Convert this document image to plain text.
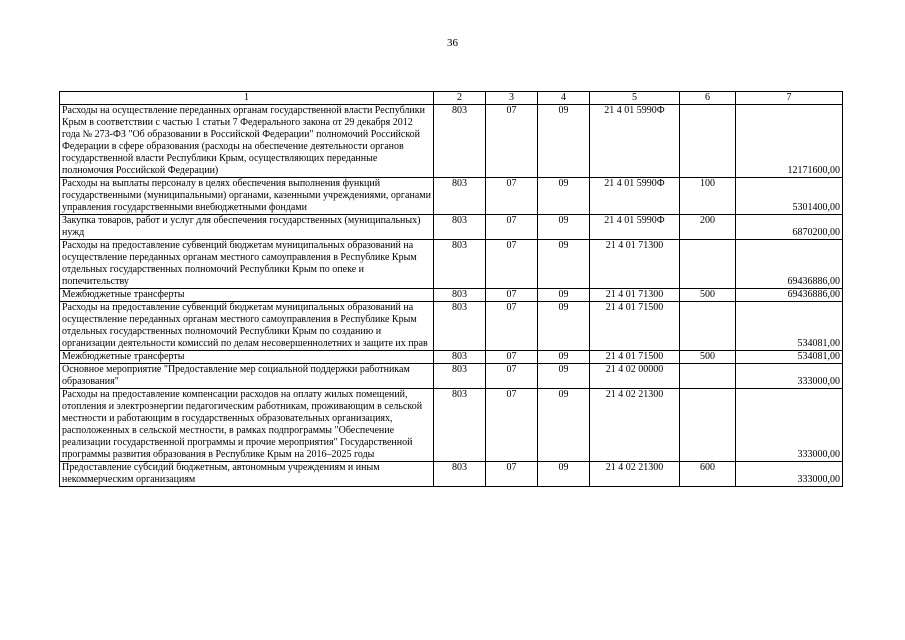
36
1	2	3	4	5	6	7
Расходы на осуществление переданных органам государственной власти Республики Крым в соответствии с частью 1 статьи 7 Федерального закона от 29 декабря 2012 года № 273-ФЗ "Об образовании в Российской Федерации" полномочий Российской Федерации в сфере образования (расходы на обеспечение деятельности органов государственной власти Республики Крым, осуществляющих переданные полномочия Российской Федерации)	803	07	09	21 4 01 5990Ф		12171600,00
Расходы на выплаты персоналу в целях обеспечения выполнения функций государственными (муниципальными) органами, казенными учреждениями, органами управления государственными внебюджетными фондами	803	07	09	21 4 01 5990Ф	100	5301400,00
Закупка товаров, работ и услуг для обеспечения государственных (муниципальных) нужд	803	07	09	21 4 01 5990Ф	200	6870200,00
Расходы на предоставление субвенций бюджетам муниципальных образований на осуществление переданных органам местного самоуправления в Республике Крым отдельных государственных полномочий Республики Крым по опеке и попечительству	803	07	09	21 4 01 71300		69436886,00
Межбюджетные трансферты	803	07	09	21 4 01 71300	500	69436886,00
Расходы на предоставление субвенций бюджетам муниципальных образований на осуществление переданных органам местного самоуправления в Республике Крым отдельных государственных полномочий Республики Крым по созданию и организации деятельности комиссий по делам несовершеннолетних и защите их прав	803	07	09	21 4 01 71500		534081,00
Межбюджетные трансферты	803	07	09	21 4 01 71500	500	534081,00
Основное мероприятие "Предоставление мер социальной поддержки работникам образования"	803	07	09	21 4 02 00000		333000,00
Расходы на предоставление компенсации расходов на оплату жилых помещений, отопления и электроэнергии педагогическим работникам, проживающим в сельской местности и работающим в государственных образовательных организациях, расположенных в сельской местности, в рамках подпрограммы "Обеспечение реализации государственной программы и прочие мероприятия" Государственной программы развития образования в Республике Крым на 2016–2025 годы	803	07	09	21 4 02 21300		333000,00
Предоставление субсидий бюджетным, автономным учреждениям и иным некоммерческим организациям	803	07	09	21 4 02 21300	600	333000,00
